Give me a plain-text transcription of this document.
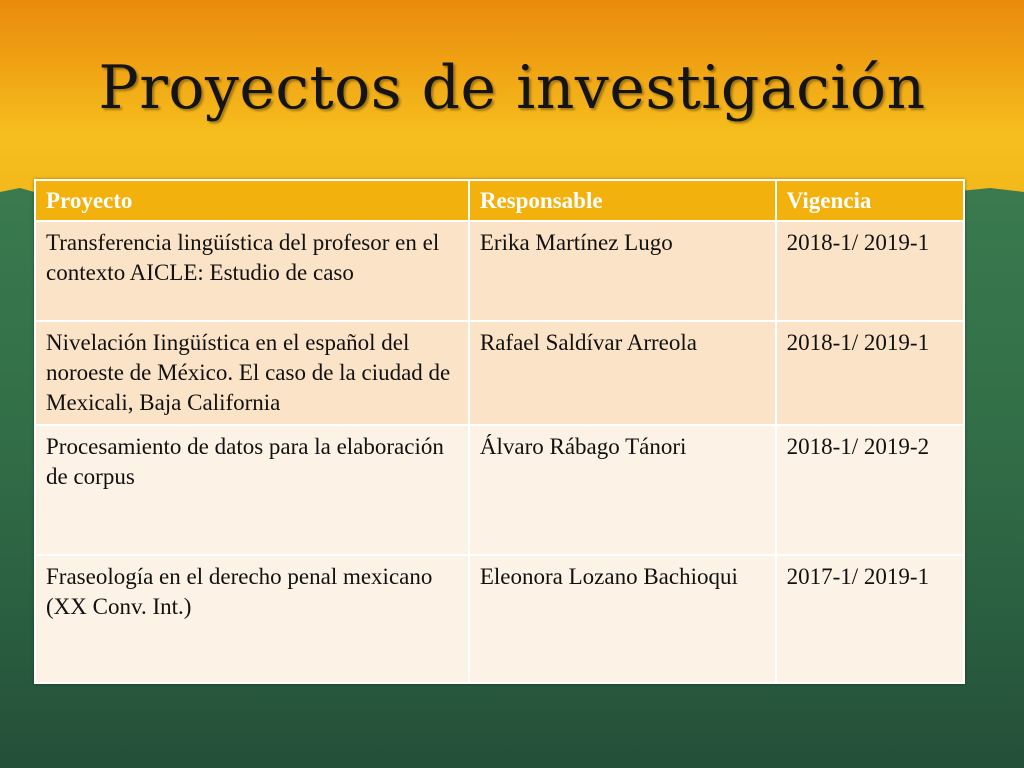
Proyectos de investigación
Proyecto	Responsable	Vigencia
Transferencia lingüística del profesor en el contexto AICLE: Estudio de caso	Erika Martínez Lugo	2018-1/ 2019-1
Nivelación Iingüística en el español del noroeste de México. El caso de la ciudad de Mexicali, Baja California	Rafael Saldívar Arreola	2018-1/ 2019-1
Procesamiento de datos para la elaboración de corpus	Álvaro Rábago Tánori	2018-1/ 2019-2
Fraseología en el derecho penal mexicano (XX Conv. Int.)	Eleonora Lozano Bachioqui	2017-1/ 2019-1
